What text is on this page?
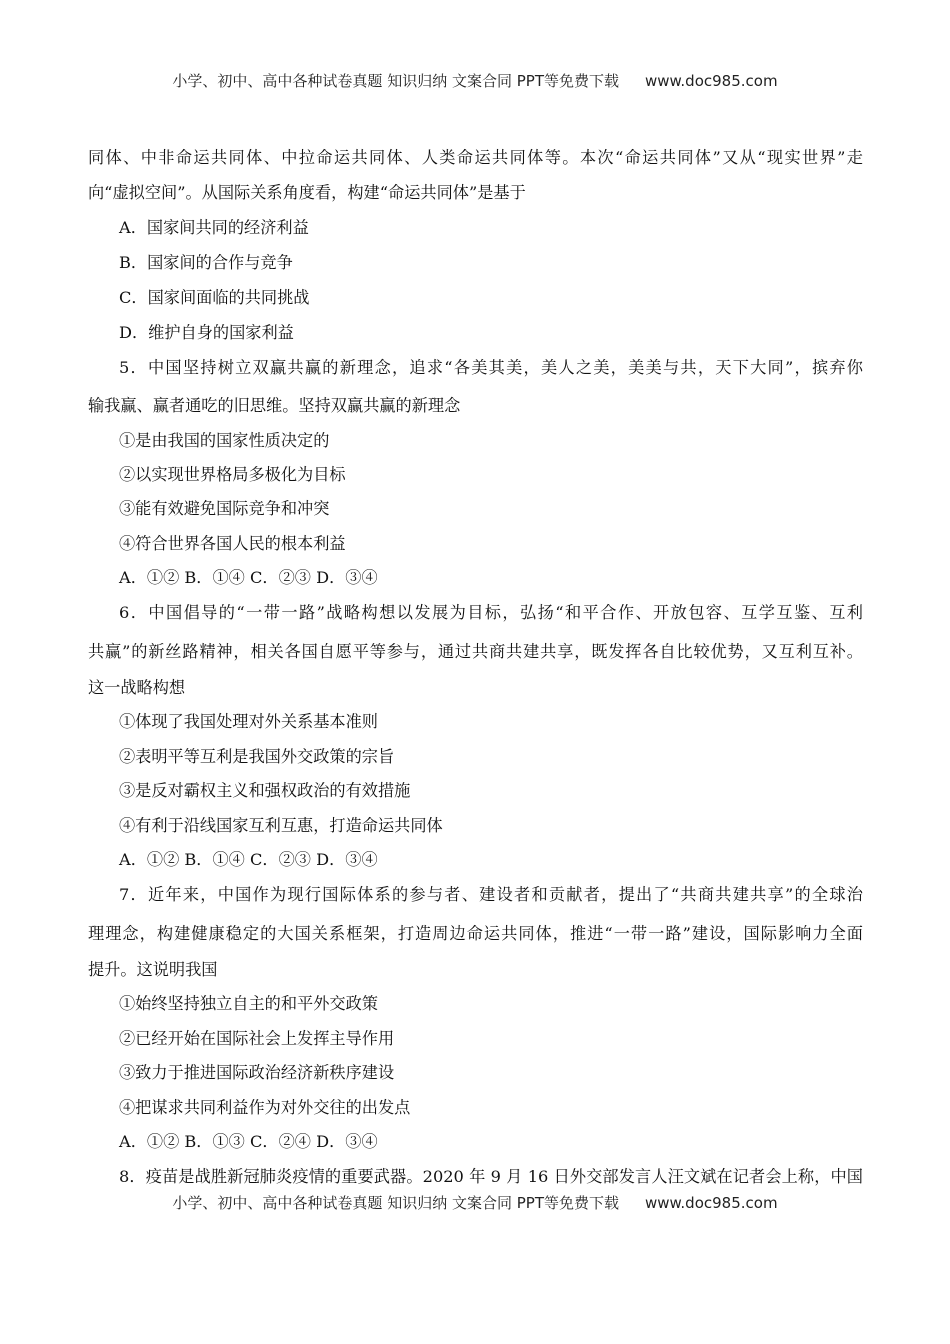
小学、初中、高中各种试卷真题 知识归纳 文案合同 PPT等免费下载 www.doc985.com
同体、中非命运共同体、中拉命运共同体、人类命运共同体等。本次“命运共同体”又从“现实世界”走
向“虚拟空间”。从国际关系角度看，构建“命运共同体”是基于
A．国家间共同的经济利益
B．国家间的合作与竞争
C．国家间面临的共同挑战
D．维护自身的国家利益
5．中国坚持树立双赢共赢的新理念，追求“各美其美，美人之美，美美与共，天下大同”，摈弃你
输我赢、赢者通吃的旧思维。坚持双赢共赢的新理念
①是由我国的国家性质决定的
②以实现世界格局多极化为目标
③能有效避免国际竞争和冲突
④符合世界各国人民的根本利益
A．①② B．①④ C．②③ D．③④
6．中国倡导的“一带一路”战略构想以发展为目标，弘扬“和平合作、开放包容、互学互鉴、互利
共赢”的新丝路精神，相关各国自愿平等参与，通过共商共建共享，既发挥各自比较优势，又互利互补。
这一战略构想
①体现了我国处理对外关系基本准则
②表明平等互利是我国外交政策的宗旨
③是反对霸权主义和强权政治的有效措施
④有利于沿线国家互利互惠，打造命运共同体
A．①② B．①④ C．②③ D．③④
7．近年来，中国作为现行国际体系的参与者、建设者和贡献者，提出了“共商共建共享”的全球治
理理念，构建健康稳定的大国关系框架，打造周边命运共同体，推进“一带一路”建设，国际影响力全面
提升。这说明我国
①始终坚持独立自主的和平外交政策
②已经开始在国际社会上发挥主导作用
③致力于推进国际政治经济新秩序建设
④把谋求共同利益作为对外交往的出发点
A．①② B．①③ C．②④ D．③④
8．疫苗是战胜新冠肺炎疫情的重要武器。2020 年 9 月 16 日外交部发言人汪文斌在记者会上称，中国
小学、初中、高中各种试卷真题 知识归纳 文案合同 PPT等免费下载 www.doc985.com
